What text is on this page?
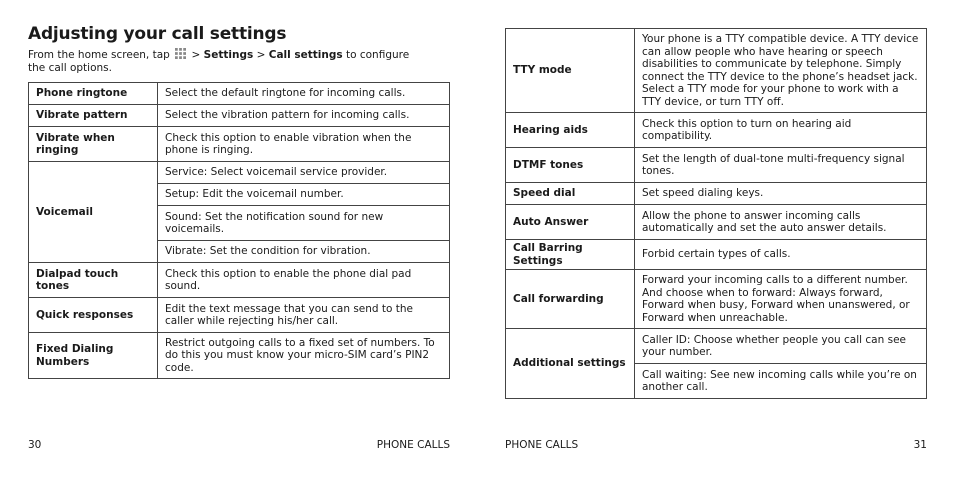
Adjusting your call settings

From the home screen, tap > Settings > Call settings to configure the call options.

Phone ringtone	Select the default ringtone for incoming calls.
Vibrate pattern	Select the vibration pattern for incoming calls.
Vibrate when ringing	Check this option to enable vibration when the phone is ringing.
Voicemail	Service: Select voicemail service provider.
	Setup: Edit the voicemail number.
	Sound: Set the notification sound for new voicemails.
	Vibrate: Set the condition for vibration.
Dialpad touch tones	Check this option to enable the phone dial pad sound.
Quick responses	Edit the text message that you can send to the caller while rejecting his/her call.
Fixed Dialing Numbers	Restrict outgoing calls to a fixed set of numbers. To do this you must know your micro-SIM card’s PIN2 code.
30	PHONE CALLS
TTY mode	Your phone is a TTY compatible device. A TTY device can allow people who have hearing or speech disabilities to communicate by telephone. Simply connect the TTY device to the phone’s headset jack. Select a TTY mode for your phone to work with a TTY device, or turn TTY off.
Hearing aids	Check this option to turn on hearing aid compatibility.
DTMF tones	Set the length of dual-tone multi-frequency signal tones.
Speed dial	Set speed dialing keys.
Auto Answer	Allow the phone to answer incoming calls automatically and set the auto answer details.
Call Barring Settings	Forbid certain types of calls.
Call forwarding	Forward your incoming calls to a different number. And choose when to forward: Always forward, Forward when busy, Forward when unanswered, or Forward when unreachable.
Additional settings	Caller ID: Choose whether people you call can see your number.
	Call waiting: See new incoming calls while you’re on another call.
PHONE CALLS	31
